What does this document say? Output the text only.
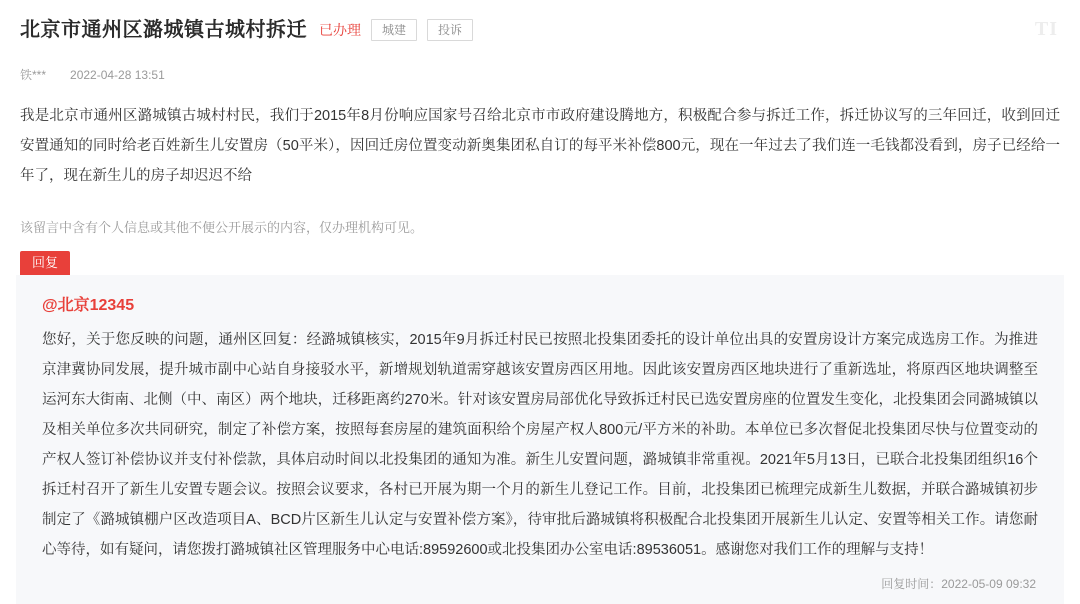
北京市通州区潞城镇古城村拆迁 已办理	城建	投诉	TI
铁*** 2022-04-28 13:51
我是北京市通州区潞城镇古城村村民，我们于2015年8月份响应国家号召给北京市市政府建设腾地方，积极配合参与拆迁工作，拆迁协议写的三年回迁，收到回迁安置通知的同时给老百姓新生儿安置房（50平米），因回迁房位置变动新奥集团私自订的每平米补偿800元，现在一年过去了我们连一毛钱都没看到，房子已经给一年了，现在新生儿的房子却迟迟不给
该留言中含有个人信息或其他不便公开展示的内容，仅办理机构可见。
回复
@北京12345
您好，关于您反映的问题，通州区回复：经潞城镇核实，2015年9月拆迁村民已按照北投集团委托的设计单位出具的安置房设计方案完成选房工作。为推进京津冀协同发展，提升城市副中心站自身接驳水平，新增规划轨道需穿越该安置房西区用地。因此该安置房西区地块进行了重新选址，将原西区地块调整至运河东大街南、北侧（中、南区）两个地块，迁移距离约270米。针对该安置房局部优化导致拆迁村民已选安置房座的位置发生变化，北投集团会同潞城镇以及相关单位多次共同研究，制定了补偿方案，按照每套房屋的建筑面积给个房屋产权人800元/平方米的补助。本单位已多次督促北投集团尽快与位置变动的产权人签订补偿协议并支付补偿款，具体启动时间以北投集团的通知为准。新生儿安置问题，潞城镇非常重视。2021年5月13日，已联合北投集团组织16个拆迁村召开了新生儿安置专题会议。按照会议要求，各村已开展为期一个月的新生儿登记工作。目前，北投集团已梳理完成新生儿数据，并联合潞城镇初步制定了《潞城镇棚户区改造项目A、BCD片区新生儿认定与安置补偿方案》，待审批后潞城镇将积极配合北投集团开展新生儿认定、安置等相关工作。请您耐心等待，如有疑问，请您拨打潞城镇社区管理服务中心电话:89592600或北投集团办公室电话:89536051。感谢您对我们工作的理解与支持！
回复时间：2022-05-09 09:32
